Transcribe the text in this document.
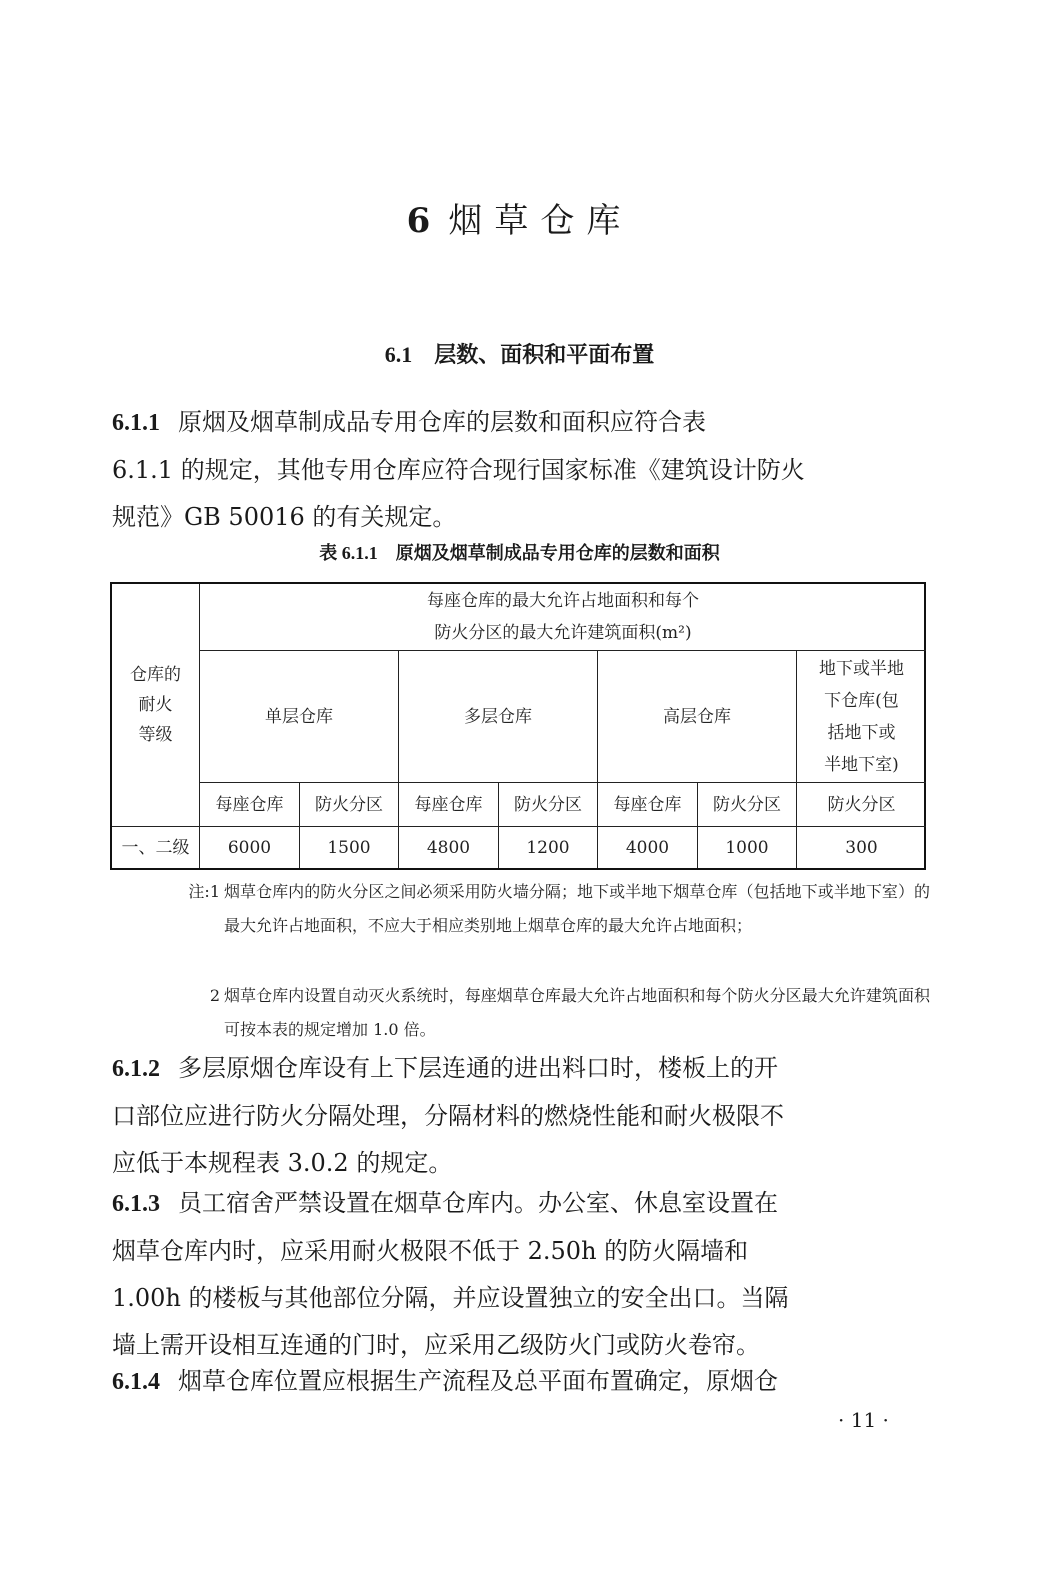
6 烟草仓库
6.1 层数、面积和平面布置
6.1.1 原烟及烟草制成品专用仓库的层数和面积应符合表
6.1.1 的规定，其他专用仓库应符合现行国家标准《建筑设计防火
规范》GB 50016 的有关规定。
表 6.1.1 原烟及烟草制成品专用仓库的层数和面积
仓库的
耐火
等级
每座仓库的最大允许占地面积和每个
防火分区的最大允许建筑面积(m²)
单层仓库	多层仓库	高层仓库
地下或半地
下仓库(包
括地下或
半地下室)
每座仓库	防火分区	每座仓库	防火分区	每座仓库	防火分区	防火分区
一、二级	6000	1500	4800	1200	4000	1000	300
注:1 烟草仓库内的防火分区之间必须采用防火墙分隔；地下或半地下烟草仓库（包括地下或半地下室）的最大允许占地面积，不应大于相应类别地上烟草仓库的最大允许占地面积；
2 烟草仓库内设置自动灭火系统时，每座烟草仓库最大允许占地面积和每个防火分区最大允许建筑面积可按本表的规定增加 1.0 倍。
6.1.2 多层原烟仓库设有上下层连通的进出料口时，楼板上的开
口部位应进行防火分隔处理，分隔材料的燃烧性能和耐火极限不
应低于本规程表 3.0.2 的规定。
6.1.3 员工宿舍严禁设置在烟草仓库内。办公室、休息室设置在
烟草仓库内时，应采用耐火极限不低于 2.50h 的防火隔墙和
1.00h 的楼板与其他部位分隔，并应设置独立的安全出口。当隔
墙上需开设相互连通的门时，应采用乙级防火门或防火卷帘。
6.1.4 烟草仓库位置应根据生产流程及总平面布置确定，原烟仓
· 11 ·
